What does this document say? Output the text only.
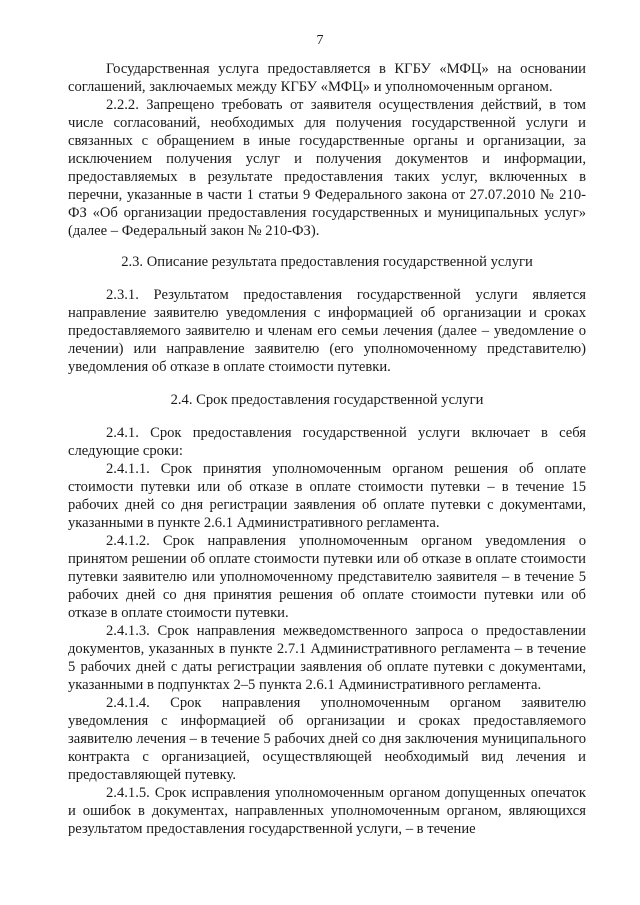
7

Государственная услуга предоставляется в КГБУ «МФЦ» на основании соглашений, заключаемых между КГБУ «МФЦ» и уполномоченным органом.

2.2.2. Запрещено требовать от заявителя осуществления действий, в том числе согласований, необходимых для получения государственной услуги и связанных с обращением в иные государственные органы и организации, за исключением получения услуг и получения документов и информации, предоставляемых в результате предоставления таких услуг, включенных в перечни, указанные в части 1 статьи 9 Федерального закона от 27.07.2010 № 210-ФЗ «Об организации предоставления государственных и муниципальных услуг» (далее – Федеральный закон № 210-ФЗ).

2.3. Описание результата предоставления государственной услуги

2.3.1. Результатом предоставления государственной услуги является направление заявителю уведомления с информацией об организации и сроках предоставляемого заявителю и членам его семьи лечения (далее – уведомление о лечении) или направление заявителю (его уполномоченному представителю) уведомления об отказе в оплате стоимости путевки.

2.4. Срок предоставления государственной услуги

2.4.1. Срок предоставления государственной услуги включает в себя следующие сроки:

2.4.1.1. Срок принятия уполномоченным органом решения об оплате стоимости путевки или об отказе в оплате стоимости путевки – в течение 15 рабочих дней со дня регистрации заявления об оплате путевки с документами, указанными в пункте 2.6.1 Административного регламента.

2.4.1.2. Срок направления уполномоченным органом уведомления о принятом решении об оплате стоимости путевки или об отказе в оплате стоимости путевки заявителю или уполномоченному представителю заявителя – в течение 5 рабочих дней со дня принятия решения об оплате стоимости путевки или об отказе в оплате стоимости путевки.

2.4.1.3. Срок направления межведомственного запроса о предоставлении документов, указанных в пункте 2.7.1 Административного регламента – в течение 5 рабочих дней с даты регистрации заявления об оплате путевки с документами, указанными в подпунктах 2–5 пункта 2.6.1 Административного регламента.

2.4.1.4. Срок направления уполномоченным органом заявителю уведомления с информацией об организации и сроках предоставляемого заявителю лечения – в течение 5 рабочих дней со дня заключения муниципального контракта с организацией, осуществляющей необходимый вид лечения и предоставляющей путевку.

2.4.1.5. Срок исправления уполномоченным органом допущенных опечаток и ошибок в документах, направленных уполномоченным органом, являющихся результатом предоставления государственной услуги, – в течение
